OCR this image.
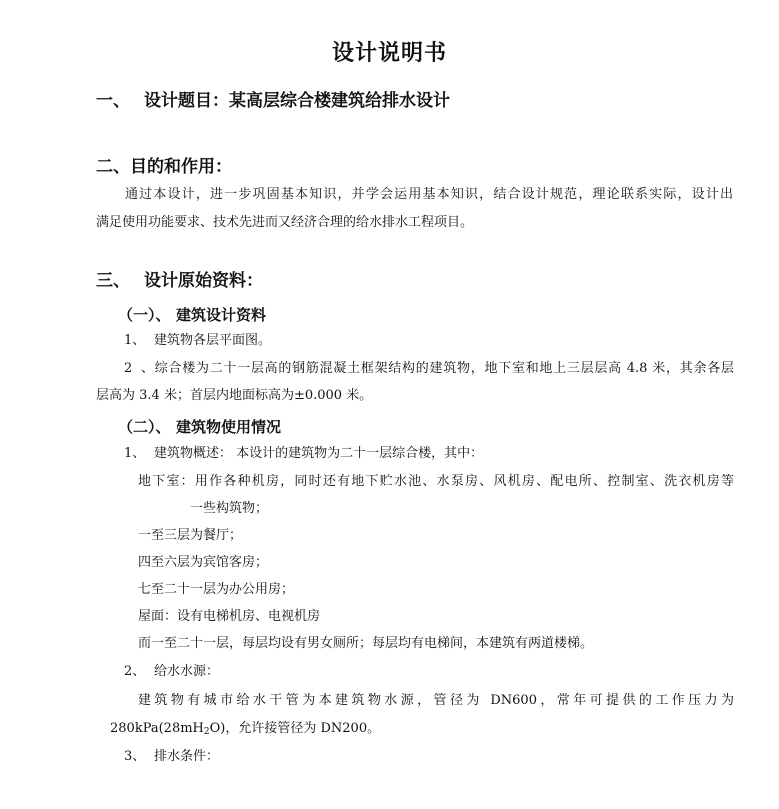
设计说明书
一、 设计题目：某高层综合楼建筑给排水设计
二、目的和作用：
通过本设计，进一步巩固基本知识，并学会运用基本知识，结合设计规范，理论联系实际，设计出
满足使用功能要求、技术先进而又经济合理的给水排水工程项目。
三、 设计原始资料：
（一）、 建筑设计资料
1、 建筑物各层平面图。
2、综合楼为二十一层高的钢筋混凝土框架结构的建筑物，地下室和地上三层层高 4.8 米，其余各层
层高为 3.4 米；首层内地面标高为±0.000 米。
（二）、 建筑物使用情况
1、 建筑物概述： 本设计的建筑物为二十一层综合楼，其中：
地下室：用作各种机房，同时还有地下贮水池、水泵房、风机房、配电所、控制室、洗衣机房等
一些构筑物；
一至三层为餐厅；
四至六层为宾馆客房；
七至二十一层为办公用房；
屋面：设有电梯机房、电视机房
而一至二十一层，每层均设有男女厕所；每层均有电梯间，本建筑有两道楼梯。
2、 给水水源：
建筑物有城市给水干管为本建筑物水源，管径为 DN600，常年可提供的工作压力为
$280kPa(28mH_2O)$，允许接管径为 DN200。
3、 排水条件：
